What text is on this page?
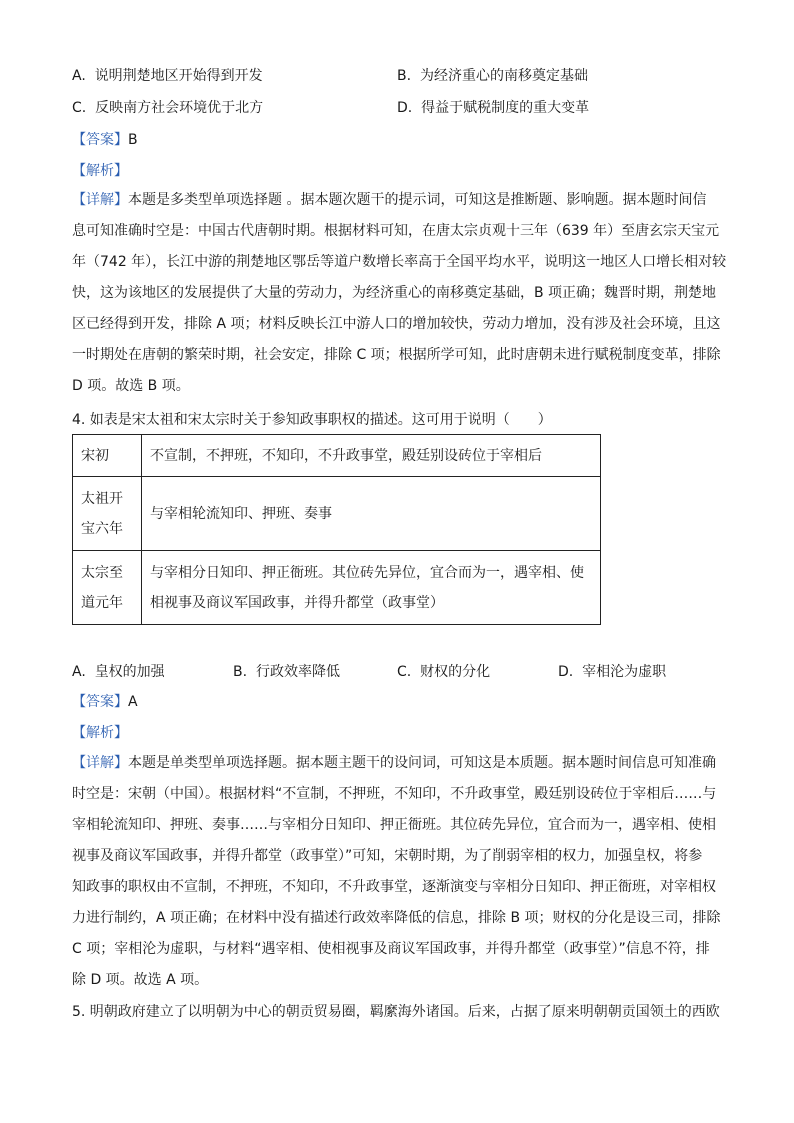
A. 说明荆楚地区开始得到开发	B. 为经济重心的南移奠定基础
C. 反映南方社会环境优于北方	D. 得益于赋税制度的重大变革
【答案】B
【解析】
【详解】本题是多类型单项选择题 。据本题次题干的提示词，可知这是推断题、影响题。据本题时间信
息可知准确时空是：中国古代唐朝时期。根据材料可知，在唐太宗贞观十三年（639 年）至唐玄宗天宝元
年（742 年），长江中游的荆楚地区鄂岳等道户数增长率高于全国平均水平，说明这一地区人口增长相对较
快，这为该地区的发展提供了大量的劳动力，为经济重心的南移奠定基础，B 项正确；魏晋时期，荆楚地
区已经得到开发，排除 A 项；材料反映长江中游人口的增加较快，劳动力增加，没有涉及社会环境，且这
一时期处在唐朝的繁荣时期，社会安定，排除 C 项；根据所学可知，此时唐朝未进行赋税制度变革，排除
D 项。故选 B 项。
4. 如表是宋太祖和宋太宗时关于参知政事职权的描述。这可用于说明（　　）
宋初	不宣制，不押班，不知印，不升政事堂，殿廷别设砖位于宰相后
太祖开
宝六年	与宰相轮流知印、押班、奏事
太宗至
道元年	与宰相分日知印、押正衙班。其位砖先异位，宜合而为一，遇宰相、使
相视事及商议军国政事，并得升都堂（政事堂）
A. 皇权的加强	B. 行政效率降低	C. 财权的分化	D. 宰相沦为虚职
【答案】A
【解析】
【详解】本题是单类型单项选择题。据本题主题干的设问词，可知这是本质题。据本题时间信息可知准确
时空是：宋朝（中国）。根据材料“不宣制，不押班，不知印，不升政事堂，殿廷别设砖位于宰相后……与
宰相轮流知印、押班、奏事……与宰相分日知印、押正衙班。其位砖先异位，宜合而为一，遇宰相、使相
视事及商议军国政事，并得升都堂（政事堂）”可知，宋朝时期，为了削弱宰相的权力，加强皇权，将参
知政事的职权由不宣制，不押班，不知印，不升政事堂，逐渐演变与宰相分日知印、押正衙班，对宰相权
力进行制约，A 项正确；在材料中没有描述行政效率降低的信息，排除 B 项；财权的分化是设三司，排除
C 项；宰相沦为虚职，与材料“遇宰相、使相视事及商议军国政事，并得升都堂（政事堂）”信息不符，排
除 D 项。故选 A 项。
5. 明朝政府建立了以明朝为中心的朝贡贸易圈，羁縻海外诸国。后来，占据了原来明朝朝贡国领土的西欧
